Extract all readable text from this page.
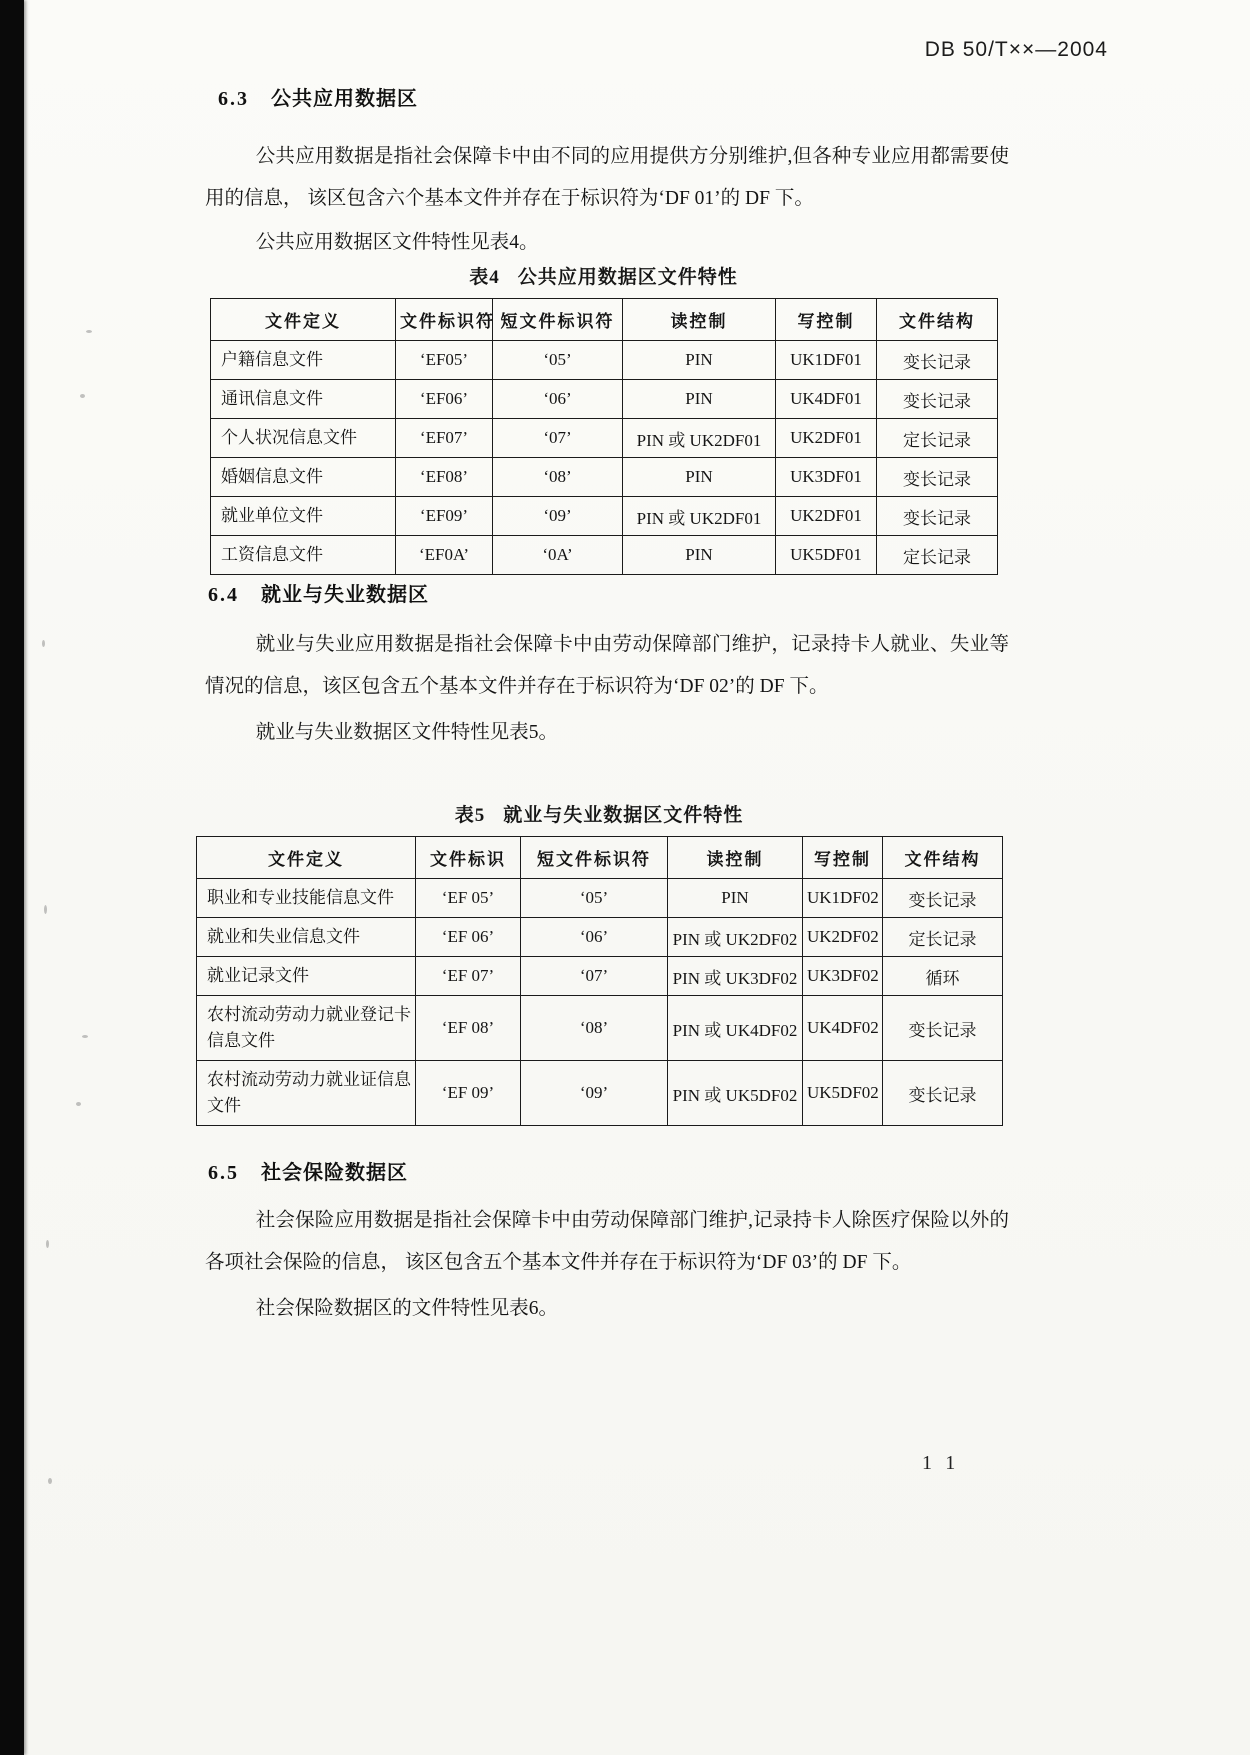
DB 50/T××—2004
6.3 公共应用数据区

公共应用数据是指社会保障卡中由不同的应用提供方分别维护,但各种专业应用都需要使用的信息， 该区包含六个基本文件并存在于标识符为‘DF 01’的 DF 下。

公共应用数据区文件特性见表4。

表4 公共应用数据区文件特性
文件定义	文件标识符	短文件标识符	读控制	写控制	文件结构
户籍信息文件	‘EF05’	‘05’	PIN	UK1DF01	变长记录
通讯信息文件	‘EF06’	‘06’	PIN	UK4DF01	变长记录
个人状况信息文件	‘EF07’	‘07’	PIN 或 UK2DF01	UK2DF01	定长记录
婚姻信息文件	‘EF08’	‘08’	PIN	UK3DF01	变长记录
就业单位文件	‘EF09’	‘09’	PIN 或 UK2DF01	UK2DF01	变长记录
工资信息文件	‘EF0A’	‘0A’	PIN	UK5DF01	定长记录
6.4 就业与失业数据区

就业与失业应用数据是指社会保障卡中由劳动保障部门维护，记录持卡人就业、失业等情况的信息，该区包含五个基本文件并存在于标识符为‘DF 02’的 DF 下。

就业与失业数据区文件特性见表5。

表5 就业与失业数据区文件特性
文件定义	文件标识	短文件标识符	读控制	写控制	文件结构
职业和专业技能信息文件	‘EF 05’	‘05’	PIN	UK1DF02	变长记录
就业和失业信息文件	‘EF 06’	‘06’	PIN 或 UK2DF02	UK2DF02	定长记录
就业记录文件	‘EF 07’	‘07’	PIN 或 UK3DF02	UK3DF02	循环
农村流动劳动力就业登记卡信息文件	‘EF 08’	‘08’	PIN 或 UK4DF02	UK4DF02	变长记录
农村流动劳动力就业证信息文件	‘EF 09’	‘09’	PIN 或 UK5DF02	UK5DF02	变长记录
6.5 社会保险数据区

社会保险应用数据是指社会保障卡中由劳动保障部门维护,记录持卡人除医疗保险以外的各项社会保险的信息， 该区包含五个基本文件并存在于标识符为‘DF 03’的 DF 下。

社会保险数据区的文件特性见表6。

11
